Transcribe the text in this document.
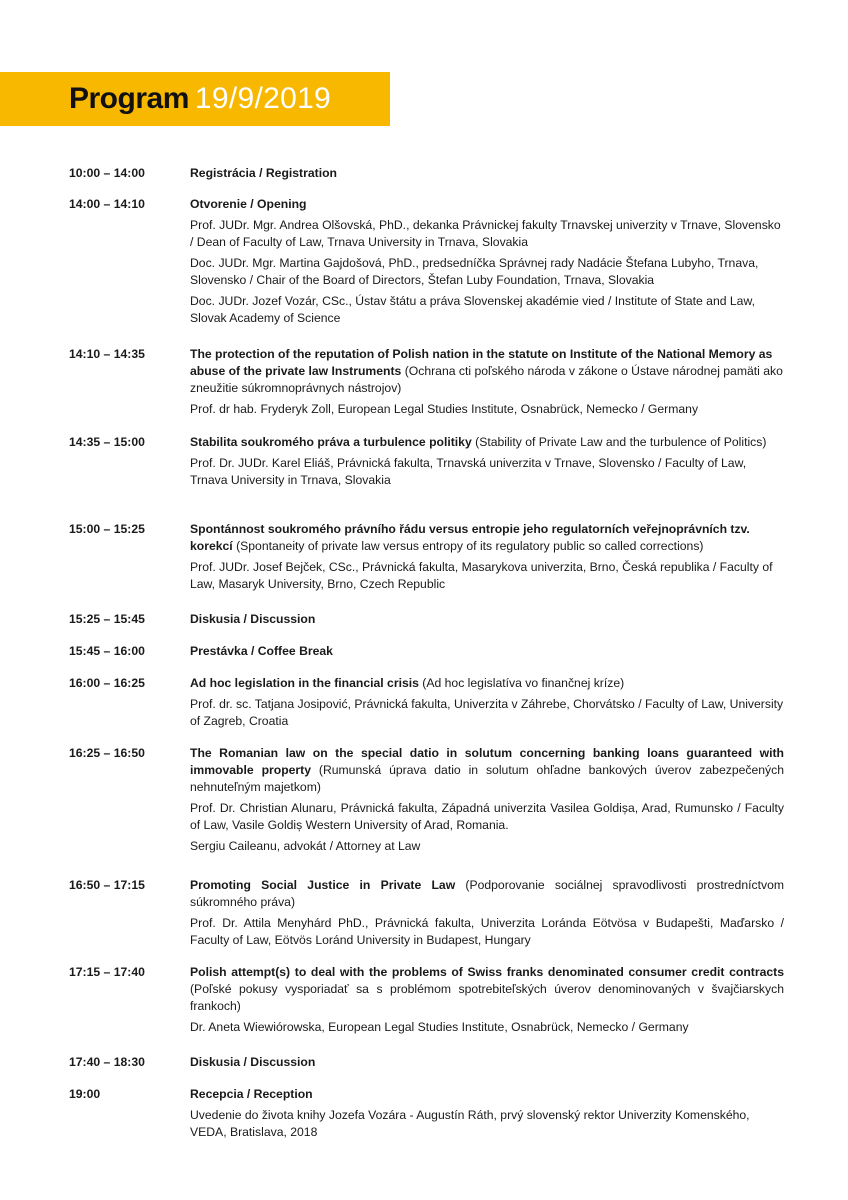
Program 19/9/2019
10:00 – 14:00	Registrácia / Registration

14:00 – 14:10	Otvorenie / Opening

Prof. JUDr. Mgr. Andrea Olšovská, PhD., dekanka Právnickej fakulty Trnavskej univerzity v Trnave, Slovensko / Dean of Faculty of Law, Trnava University in Trnava, Slovakia

Doc. JUDr. Mgr. Martina Gajdošová, PhD., predsedníčka Správnej rady Nadácie Štefana Lubyho, Trnava, Slovensko / Chair of the Board of Directors, Štefan Luby Foundation, Trnava, Slovakia

Doc. JUDr. Jozef Vozár, CSc., Ústav štátu a práva Slovenskej akadémie vied / Institute of State and Law, Slovak Academy of Science

14:10 – 14:35	The protection of the reputation of Polish nation in the statute on Institute of the National Memory as abuse of the private law Instruments (Ochrana cti poľského národa v zákone o Ústave národnej pamäti ako zneužitie súkromnoprávnych nástrojov)

Prof. dr hab. Fryderyk Zoll, European Legal Studies Institute, Osnabrück, Nemecko / Germany

14:35 – 15:00	Stabilita soukromého práva a turbulence politiky (Stability of Private Law and the turbulence of Politics)

Prof. Dr. JUDr. Karel Eliáš, Právnická fakulta, Trnavská univerzita v Trnave, Slovensko / Faculty of Law, Trnava University in Trnava, Slovakia

15:00 – 15:25	Spontánnost soukromého právního řádu versus entropie jeho regulatorních veřejnoprávních tzv. korekcí (Spontaneity of private law versus entropy of its regulatory public so called corrections)

Prof. JUDr. Josef Bejček, CSc., Právnická fakulta, Masarykova univerzita, Brno, Česká republika / Faculty of Law, Masaryk University, Brno, Czech Republic

15:25 – 15:45	Diskusia / Discussion

15:45 – 16:00	Prestávka / Coffee Break

16:00 – 16:25	Ad hoc legislation in the financial crisis (Ad hoc legislatíva vo finančnej kríze)

Prof. dr. sc. Tatjana Josipović, Právnická fakulta, Univerzita v Záhrebe, Chorvátsko / Faculty of Law, University of Zagreb, Croatia

16:25 – 16:50	The Romanian law on the special datio in solutum concerning banking loans guaranteed with immovable property (Rumunská úprava datio in solutum ohľadne bankových úverov zabezpečených nehnuteľným majetkom)

Prof. Dr. Christian Alunaru, Právnická fakulta, Západná univerzita Vasilea Goldișa, Arad, Rumunsko / Faculty of Law, Vasile Goldiș Western University of Arad, Romania.

Sergiu Caileanu, advokát / Attorney at Law

16:50 – 17:15	Promoting Social Justice in Private Law (Podporovanie sociálnej spravodlivosti prostredníctvom súkromného práva)

Prof. Dr. Attila Menyhárd PhD., Právnická fakulta, Univerzita Loránda Eötvösa v Budapešti, Maďarsko / Faculty of Law, Eötvös Loránd University in Budapest, Hungary

17:15 – 17:40	Polish attempt(s) to deal with the problems of Swiss franks denominated consumer credit contracts (Poľské pokusy vysporiadať sa s problémom spotrebiteľských úverov denominovaných v švajčiarskych frankoch)

Dr. Aneta Wiewiórowska, European Legal Studies Institute, Osnabrück, Nemecko / Germany

17:40 – 18:30	Diskusia / Discussion

19:00	Recepcia / Reception

Uvedenie do života knihy Jozefa Vozára - Augustín Ráth, prvý slovenský rektor Univerzity Komenského, VEDA, Bratislava, 2018
